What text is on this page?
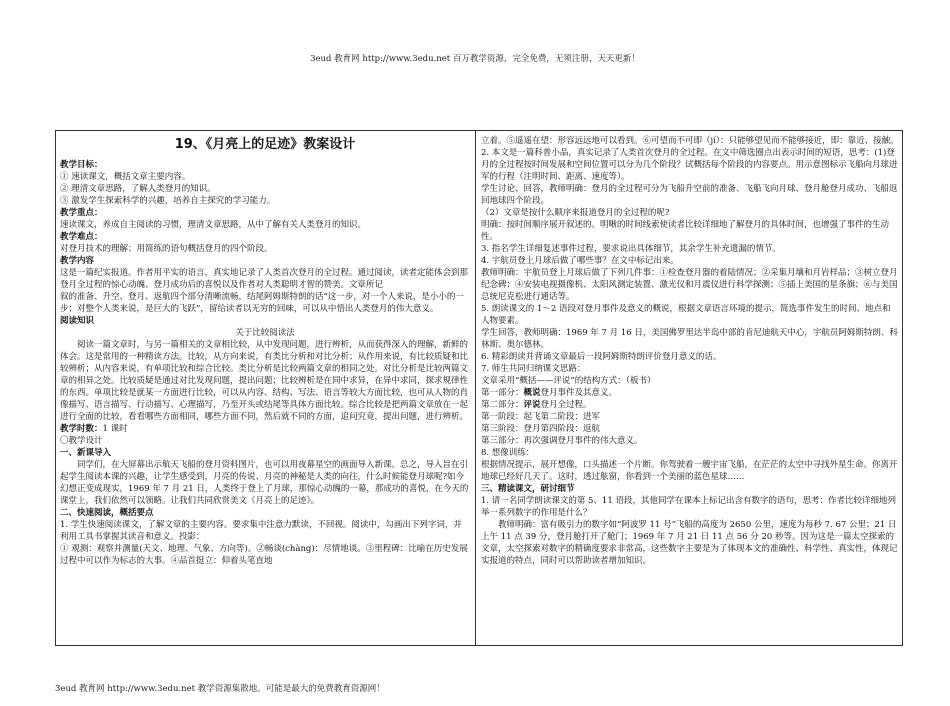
3eud 教育网 http://www.3edu.net 百万教学资源，完全免费，无须注册，天天更新！
19、《月亮上的足迹》教案设计

教学目标：

① 速读课文，概括文章主要内容。

② 理清文章思路，了解人类登月的知识。

③ 激发学生探索科学的兴趣，培养自主探究的学习能力。

教学重点：

速读课文，养成自主阅读的习惯，理清文章思路，从中了解有关人类登月的知识。

教学难点：

对登月技术的理解；用简练的语句概括登月的四个阶段。

教学内容

这是一篇纪实报道。作者用平实的语言，真实地记录了人类首次登月的全过程。通过阅读，读者定能体会到那登月全过程的惊心动魄、登月成功后的喜悦以及作者对人类聪明才智的赞美。文章所记

叙的准备、升空、登月、返航四个部分清晰流畅，结尾阿姆斯特朗的话“这一步，对一个人来说，是小小的一步；对整个人类来说，是巨大的飞跃”，留给读者以无穷的回味，可以从中悟出人类登月的伟大意义。

阅读知识

关于比较阅读法

阅读一篇文章时，与另一篇相关的文章相比较，从中发现问题，进行辨析，从而获得深入的理解，新鲜的体会。这是常用的一种精读方法。比较，从方向来说，有类比分析和对比分析；从作用来说，有比较质疑和比较辨析；从内容来说，有单项比较和综合比较。类比分析是比较两篇文章的相同之处。对比分析是比较两篇文章的相异之处。比较质疑是通过对比发现问题，提出问题；比较辨析是在同中求异，在异中求同，探求规律性的东西。单项比较是就某一方面进行比较，可以从内容、结构、写法、语言等较大方面比较，也可从人物的肖像描写、语言描写、行动描写、心理描写，乃至开头或结尾等具体方面比较。综合比较是把两篇文章放在一起进行全面的比较，看看哪些方面相同，哪些方面不同，然后就不同的方面，追问究竟，提出问题，进行辨析。

教学时数：1 课时

〇教学设计

一、新课导入

同学们，在大屏幕出示航天飞船的登月资料图片，也可以用夜幕星空的画面导入新课。总之，导入旨在引起学生阅读本课的兴趣，让学生感受到，月亮的传说、月亮的神秘是人类的向往，什么时候能登月球呢?如今幻想正变成现实，1969 年 7 月 21 日，人类终于登上了月球，那惊心动魄的一幕，那成功的喜悦，在今天的课堂上，我们依然可以领略。让我们共同欣赏美文《月亮上的足迹》。

二、快速阅读，概括要点

1. 学生快速阅读课文，了解文章的主要内容。要求集中注意力默读，不回视。阅读中，勾画出下列字词，并利用工具书掌握其读音和意义。投影：

① 观测：观察并测量(天文、地理、气象、方向等)。②畅谈(chàng)：尽情地谈。③里程碑：比喻在历史发展过程中可以作为标志的大事。④品首挺立：仰着头笔直地

立着。⑤遥遥在望：形容远远地可以看到。⑥可望而不可即（jí）：只能够望见而不能够接近，即：靠近、接触。

2. 本文是一篇科普小品，真实记录了人类首次登月的全过程。在文中筛选圈点出表示时间的短语，思考：(1)登月的全过程按时间发展和空间位置可以分为几个阶段？试概括每个阶段的内容要点。用示意图标示飞船向月球进军的行程（注明时间、距离、速度等）。

学生讨论、回答，教师明确：登月的全过程可分为飞船升空前的准备、飞船飞向月球、登月舱登月成功、飞船返回地球四个阶段。

（2）文章是按什么顺序来报道登月的全过程的呢?

明确：按时间顺序展开叙述的。明晰的时间线索使读者比较详细地了解登月的具体时间，也增强了事件的生动性。

3. 指名学生详细复述事件过程，要求说出具体细节，其余学生补充遗漏的情节。

4. 宇航员登上月球后做了哪些事？在文中标记出来。

教师明确：宇航员登上月球后做了下列几件事：①检查登月器的着陆情况；②采集月壤和月岩样品；③树立登月纪念碑；④安装电视摄像机、太阳风测定装置、激光仪和月震仪进行科学探测；⑤插上美国的星条旗；⑥与美国总统尼克松进行通话等。

5. 朗读课文的 1～2 语段对登月事件及意义的概说，根据文章语言环境的提示，简选事件发生的时间、地点和人物要素。

学生回答，教师明确：1969 年 7 月 16 日，美国佛罗里达半岛中部的肯尼迪航天中心，宇航员阿姆斯特朗、科林斯、奥尔德林。

6. 精彩朗读并背诵文章最后一段阿姆斯特朗评价登月意义的话。

7. 师生共同归纳课文思路：

文章采用“概括——评说”的结构方式：（板书）

第一部分：概说登月事件及其意义。

第二部分：评说登月全过程。

第一阶段：起飞第二阶段：进军

第三阶段：登月第四阶段：返航

第三部分：再次强调登月事件的伟大意义。

8. 想像训练：

根据情况提示，展开想像，口头描述一个片断。你驾驶着一艘宇宙飞船，在茫茫的太空中寻找外星生命。你离开地球已经好几天了。这时，透过舷窗，你看到一个美丽的蓝色星球……

三、精读课文，研讨细节

1. 请一名同学朗读课文的第 5、11 语段，其他同学在课本上标记出含有数字的语句，思考：作者比较详细地列举一系列数字的作用是什么？

教师明确：富有吸引力的数字如“阿波罗 11 号”飞船的高度为 2650 公里，速度为每秒 7. 67 公里；21 日上午 11 点 39 分，登月舱打开了舱门；1969 年 7 月 21 日 11 点 56 分 20 秒等。因为这是一篇太空探索的文章，太空探索对数字的精确度要求非常高，这些数字主要是为了体现本文的准确性、科学性、真实性，体现记实报道的特点，同时可以帮助读者增加知识。

3eud 教育网 http://www.3edu.net 教学资源集散地。可能是最大的免费教育资源网！
